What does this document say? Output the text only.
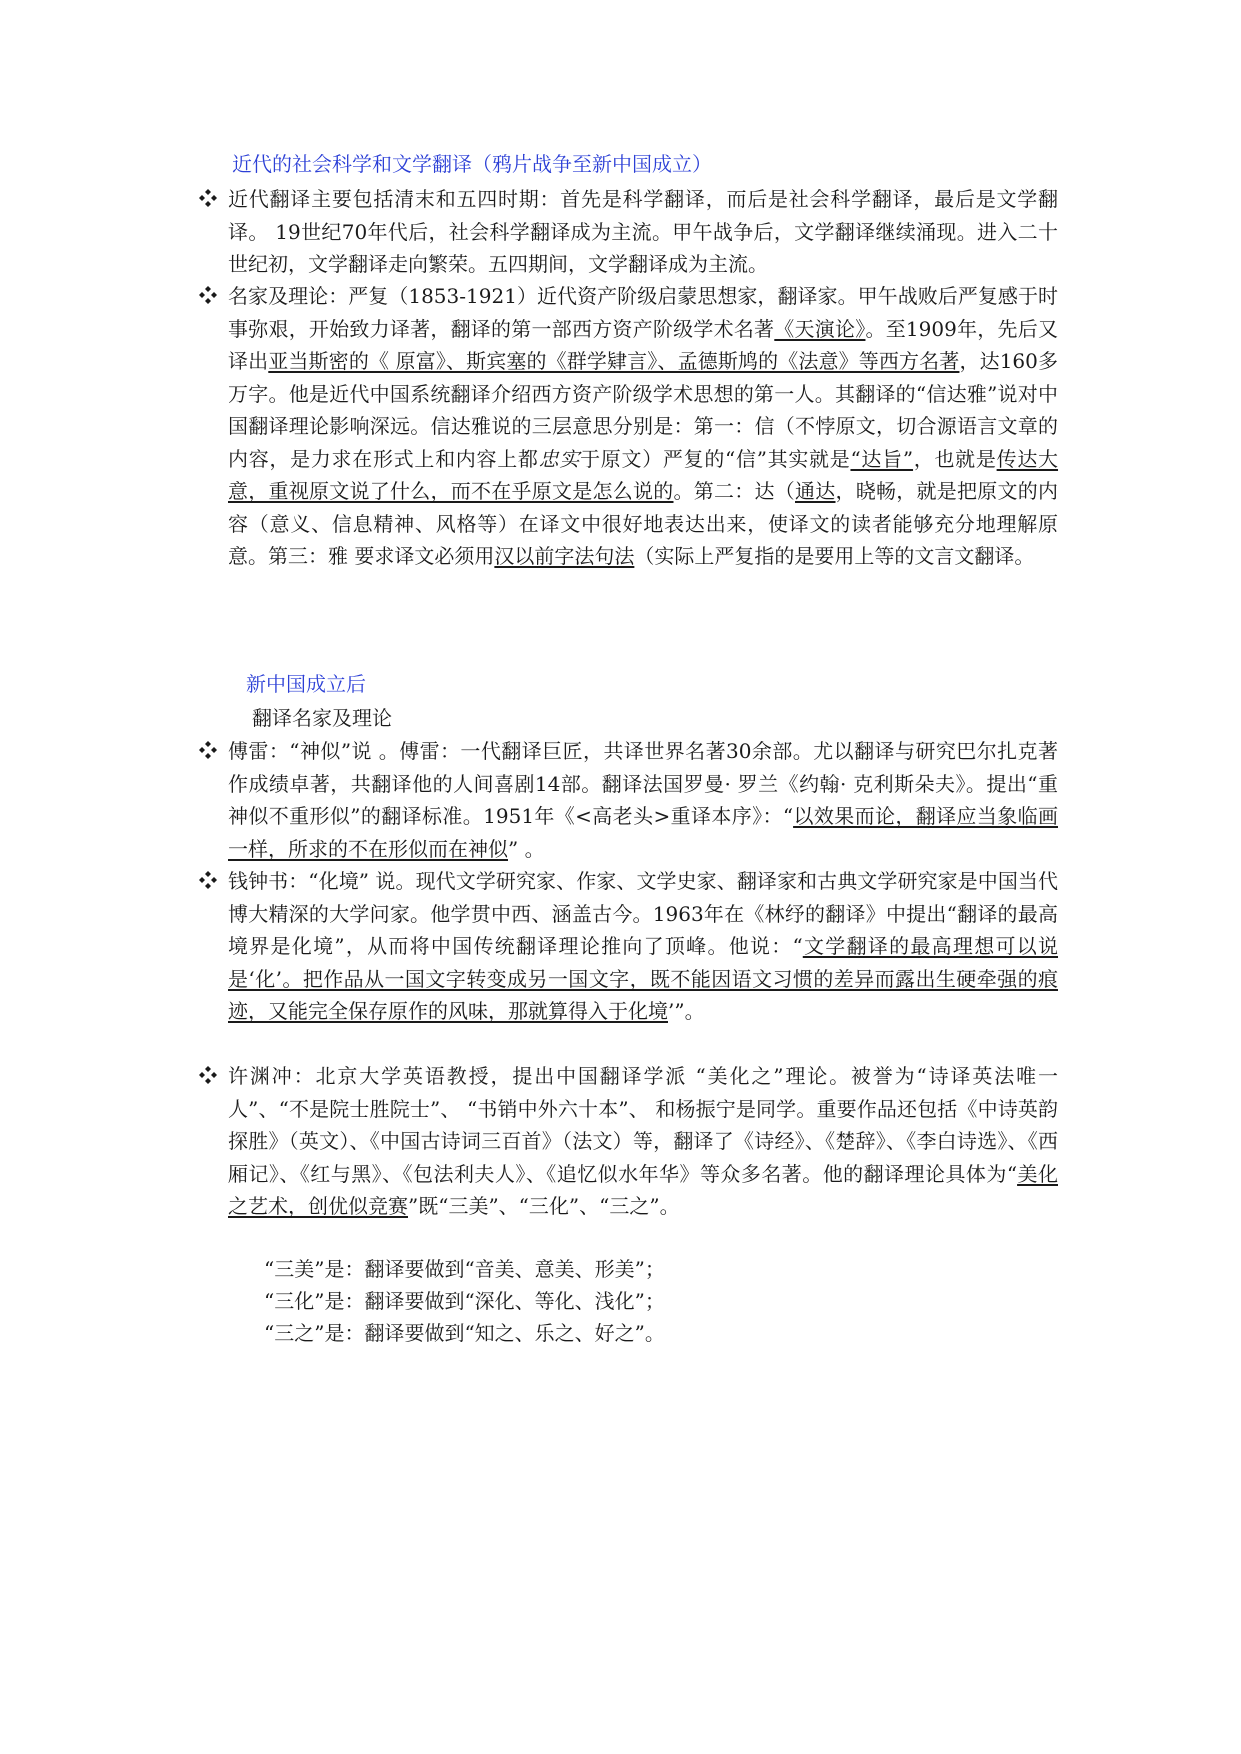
近代的社会科学和文学翻译（鸦片战争至新中国成立）
近代翻译主要包括清末和五四时期：首先是科学翻译，而后是社会科学翻译，最后是文学翻译。 19世纪70年代后，社会科学翻译成为主流。甲午战争后，文学翻译继续涌现。进入二十世纪初，文学翻译走向繁荣。五四期间，文学翻译成为主流。
名家及理论：严复（1853-1921）近代资产阶级启蒙思想家，翻译家。甲午战败后严复感于时事弥艰，开始致力译著，翻译的第一部西方资产阶级学术名著《天演论》。至1909年，先后又译出亚当斯密的《 原富》、斯宾塞的《群学肄言》、孟德斯鸠的《法意》等西方名著，达160多万字。他是近代中国系统翻译介绍西方资产阶级学术思想的第一人。其翻译的“信达雅”说对中国翻译理论影响深远。信达雅说的三层意思分别是：第一：信（不悖原文，切合源语言文章的内容，是力求在形式上和内容上都忠实于原文）严复的“信”其实就是“达旨”，也就是传达大意，重视原文说了什么，而不在乎原文是怎么说的。第二：达（通达，晓畅，就是把原文的内容（意义、信息精神、风格等）在译文中很好地表达出来，使译文的读者能够充分地理解原意。第三：雅 要求译文必须用汉以前字法句法（实际上严复指的是要用上等的文言文翻译。
新中国成立后
翻译名家及理论
傅雷：“神似”说 。傅雷：一代翻译巨匠，共译世界名著30余部。尤以翻译与研究巴尔扎克著作成绩卓著，共翻译他的人间喜剧14部。翻译法国罗曼· 罗兰《约翰· 克利斯朵夫》。提出“重神似不重形似”的翻译标准。1951年《<高老头>重译本序》：“以效果而论，翻译应当象临画一样，所求的不在形似而在神似” 。
钱钟书：“化境” 说。现代文学研究家、作家、文学史家、翻译家和古典文学研究家是中国当代博大精深的大学问家。他学贯中西、涵盖古今。1963年在《林纾的翻译》中提出“翻译的最高境界是化境”，从而将中国传统翻译理论推向了顶峰。他说：“文学翻译的最高理想可以说是‘化’。把作品从一国文字转变成另一国文字，既不能因语文习惯的差异而露出生硬牵强的痕迹，又能完全保存原作的风味，那就算得入于化境’”。
许渊冲：北京大学英语教授，提出中国翻译学派 “美化之”理论。被誉为“诗译英法唯一人”、“不是院士胜院士”、 “书销中外六十本”、 和杨振宁是同学。重要作品还包括《中诗英韵探胜》（英文）、《中国古诗词三百首》（法文）等，翻译了《诗经》、《楚辞》、《李白诗选》、《西厢记》、《红与黑》、《包法利夫人》、《追忆似水年华》等众多名著。他的翻译理论具体为“美化之艺术，创优似竞赛”既“三美”、“三化”、“三之”。
“三美”是：翻译要做到“音美、意美、形美”；
“三化”是：翻译要做到“深化、等化、浅化”；
“三之”是：翻译要做到“知之、乐之、好之”。
